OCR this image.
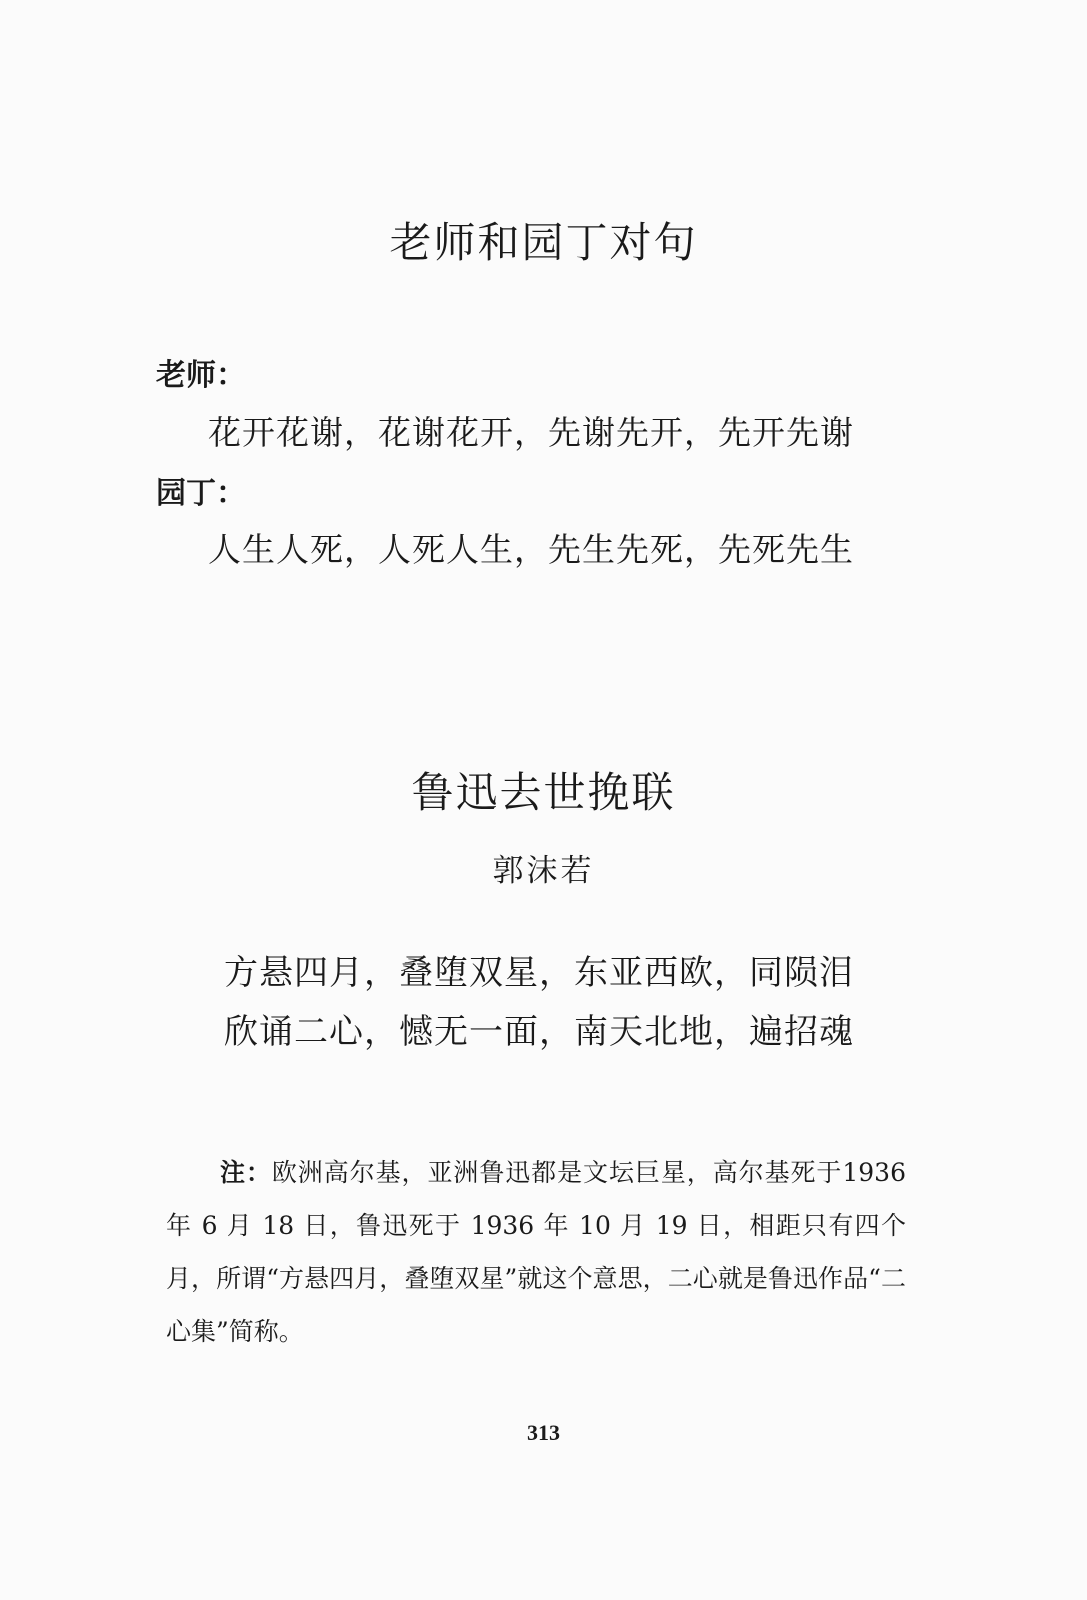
老师和园丁对句
老师：
花开花谢，花谢花开，先谢先开，先开先谢
园丁：
人生人死，人死人生，先生先死，先死先生
鲁迅去世挽联
郭沫若
方悬四月，叠堕双星，东亚西欧，同陨泪
欣诵二心，憾无一面，南天北地，遍招魂
注：欧洲高尔基，亚洲鲁迅都是文坛巨星，高尔基死于1936 年 6 月 18 日，鲁迅死于 1936 年 10 月 19 日，相距只有四个月，所谓“方悬四月，叠堕双星”就这个意思，二心就是鲁迅作品“二心集”简称。
313
